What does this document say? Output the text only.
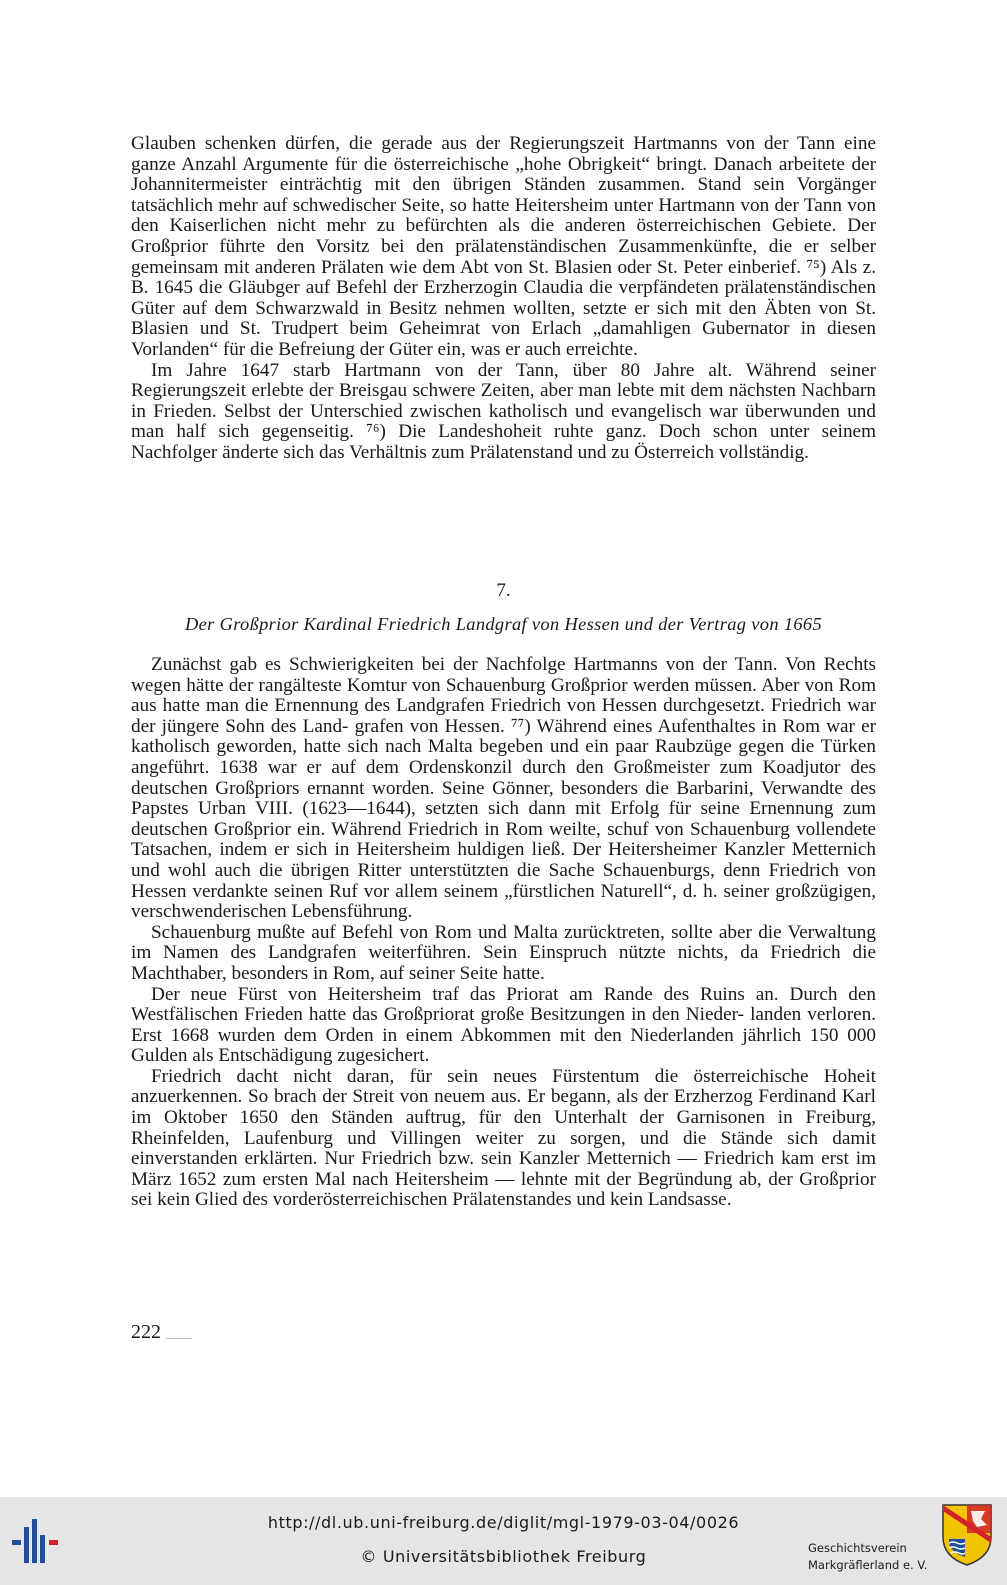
Glauben schenken dürfen, die gerade aus der Regierungszeit Hartmanns von der Tann eine ganze Anzahl Argumente für die österreichische „hohe Obrigkeit“ bringt. Danach arbeitete der Johannitermeister einträchtig mit den übrigen Ständen zusammen. Stand sein Vorgänger tatsächlich mehr auf schwedischer Seite, so hatte Heitersheim unter Hartmann von der Tann von den Kaiserlichen nicht mehr zu befürchten als die anderen österreichischen Gebiete. Der Großprior führte den Vorsitz bei den prälatenständischen Zusammenkünfte, die er selber gemeinsam mit anderen Prälaten wie dem Abt von St. Blasien oder St. Peter einberief. ⁷⁵) Als z. B. 1645 die Gläubger auf Befehl der Erzherzogin Claudia die verpfändeten prälatenständischen Güter auf dem Schwarzwald in Besitz nehmen wollten, setzte er sich mit den Äbten von St. Blasien und St. Trudpert beim Geheimrat von Erlach „damahligen Gubernator in diesen Vorlanden“ für die Befreiung der Güter ein, was er auch erreichte.

Im Jahre 1647 starb Hartmann von der Tann, über 80 Jahre alt. Während seiner Regierungszeit erlebte der Breisgau schwere Zeiten, aber man lebte mit dem nächsten Nachbarn in Frieden. Selbst der Unterschied zwischen katholisch und evangelisch war überwunden und man half sich gegenseitig. ⁷⁶) Die Landeshoheit ruhte ganz. Doch schon unter seinem Nachfolger änderte sich das Verhältnis zum Prälatenstand und zu Österreich vollständig.

7.
Der Großprior Kardinal Friedrich Landgraf von Hessen und der Vertrag von 1665

Zunächst gab es Schwierigkeiten bei der Nachfolge Hartmanns von der Tann. Von Rechts wegen hätte der rangälteste Komtur von Schauenburg Großprior werden müssen. Aber von Rom aus hatte man die Ernennung des Landgrafen Friedrich von Hessen durchgesetzt. Friedrich war der jüngere Sohn des Land- grafen von Hessen. ⁷⁷) Während eines Aufenthaltes in Rom war er katholisch geworden, hatte sich nach Malta begeben und ein paar Raubzüge gegen die Türken angeführt. 1638 war er auf dem Ordenskonzil durch den Großmeister zum Koadjutor des deutschen Großpriors ernannt worden. Seine Gönner, besonders die Barbarini, Verwandte des Papstes Urban VIII. (1623—1644), setzten sich dann mit Erfolg für seine Ernennung zum deutschen Großprior ein. Während Friedrich in Rom weilte, schuf von Schauenburg vollendete Tatsachen, indem er sich in Heitersheim huldigen ließ. Der Heitersheimer Kanzler Metternich und wohl auch die übrigen Ritter unterstützten die Sache Schauenburgs, denn Friedrich von Hessen verdankte seinen Ruf vor allem seinem „fürstlichen Naturell“, d. h. seiner großzügigen, verschwenderischen Lebensführung.

Schauenburg mußte auf Befehl von Rom und Malta zurücktreten, sollte aber die Verwaltung im Namen des Landgrafen weiterführen. Sein Einspruch nützte nichts, da Friedrich die Machthaber, besonders in Rom, auf seiner Seite hatte.

Der neue Fürst von Heitersheim traf das Priorat am Rande des Ruins an. Durch den Westfälischen Frieden hatte das Großpriorat große Besitzungen in den Nieder- landen verloren. Erst 1668 wurden dem Orden in einem Abkommen mit den Niederlanden jährlich 150 000 Gulden als Entschädigung zugesichert.

Friedrich dacht nicht daran, für sein neues Fürstentum die österreichische Hoheit anzuerkennen. So brach der Streit von neuem aus. Er begann, als der Erzherzog Ferdinand Karl im Oktober 1650 den Ständen auftrug, für den Unterhalt der Garnisonen in Freiburg, Rheinfelden, Laufenburg und Villingen weiter zu sorgen, und die Stände sich damit einverstanden erklärten. Nur Friedrich bzw. sein Kanzler Metternich — Friedrich kam erst im März 1652 zum ersten Mal nach Heitersheim — lehnte mit der Begründung ab, der Großprior sei kein Glied des vorderösterreichischen Prälatenstandes und kein Landsasse.

222
http://dl.ub.uni-freiburg.de/diglit/mgl-1979-03-04/0026
© Universitätsbibliothek Freiburg	Geschichtsverein
Markgräflerland e. V.
